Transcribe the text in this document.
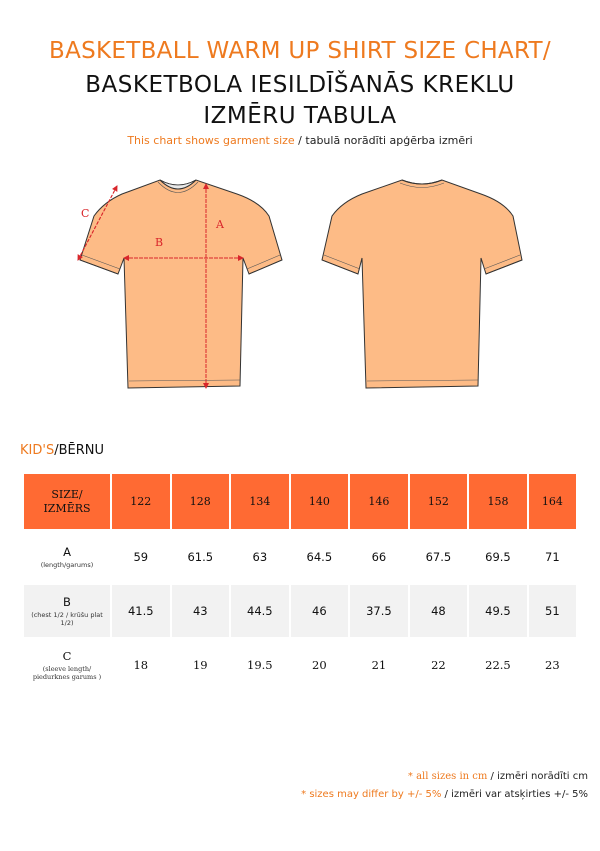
BASKETBALL WARM UP SHIRT SIZE CHART/
BASKETBOLA IESILDĪŠANĀS KREKLU
IZMĒRU TABULA
This chart shows garment size / tabulā norādīti apģērba izmēri
A
B
C
KID'S/BĒRNU
SIZE/
IZMĒRS	122	128	134	140	146	152	158	164

A
(length/garums)	59	61.5	63	64.5	66	67.5	69.5	71

B
(chest 1/2 / krūšu plat 1/2)	41.5	43	44.5	46	37.5	48	49.5	51

C
(sleeve length/ piedurknes garums )	18	19	19.5	20	21	22	22.5	23
* all sizes in cm / izmēri norādīti cm
* sizes may differ by +/- 5% / izmēri var atsķirties +/- 5%
